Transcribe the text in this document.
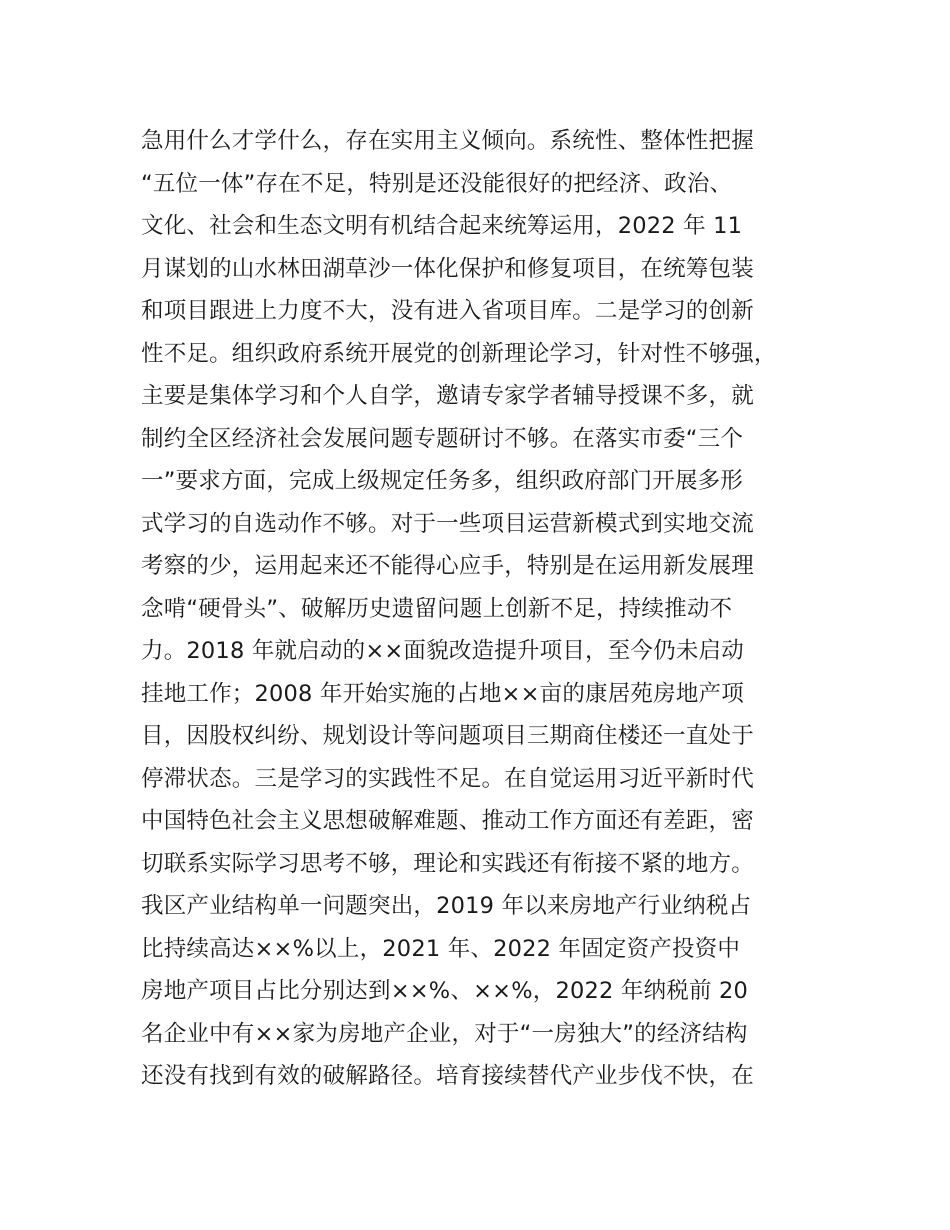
急用什么才学什么，存在实用主义倾向。系统性、整体性把握
“五位一体”存在不足，特别是还没能很好的把经济、政治、
文化、社会和生态文明有机结合起来统筹运用，2022 年 11
月谋划的山水林田湖草沙一体化保护和修复项目，在统筹包装
和项目跟进上力度不大，没有进入省项目库。二是学习的创新
性不足。组织政府系统开展党的创新理论学习，针对性不够强，
主要是集体学习和个人自学，邀请专家学者辅导授课不多，就
制约全区经济社会发展问题专题研讨不够。在落实市委“三个
一”要求方面，完成上级规定任务多，组织政府部门开展多形
式学习的自选动作不够。对于一些项目运营新模式到实地交流
考察的少，运用起来还不能得心应手，特别是在运用新发展理
念啃“硬骨头”、破解历史遗留问题上创新不足，持续推动不
力。2018 年就启动的××面貌改造提升项目，至今仍未启动
挂地工作；2008 年开始实施的占地××亩的康居苑房地产项
目，因股权纠纷、规划设计等问题项目三期商住楼还一直处于
停滞状态。三是学习的实践性不足。在自觉运用习近平新时代
中国特色社会主义思想破解难题、推动工作方面还有差距，密
切联系实际学习思考不够，理论和实践还有衔接不紧的地方。
我区产业结构单一问题突出，2019 年以来房地产行业纳税占
比持续高达××%以上，2021 年、2022 年固定资产投资中
房地产项目占比分别达到××%、××%，2022 年纳税前 20
名企业中有××家为房地产企业，对于“一房独大”的经济结构
还没有找到有效的破解路径。培育接续替代产业步伐不快，在
